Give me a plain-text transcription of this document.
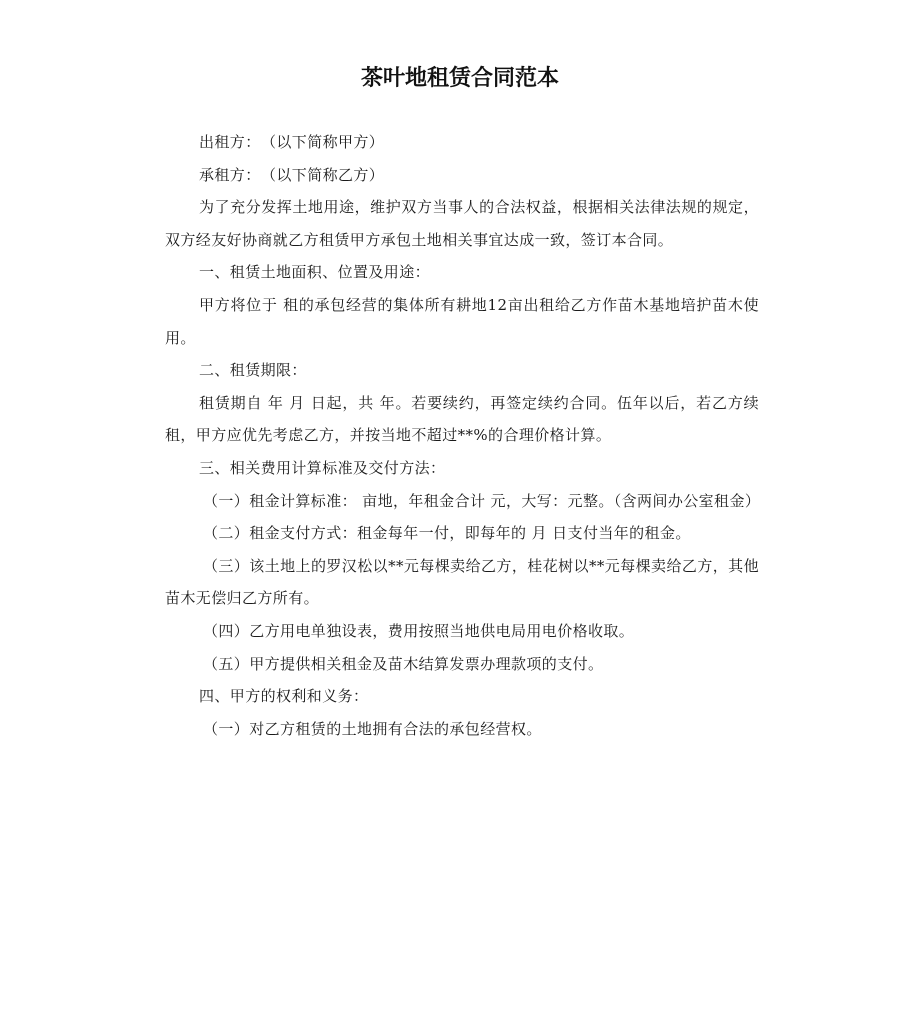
茶叶地租赁合同范本

出租方：　（以下简称甲方）

承租方：　（以下简称乙方）

为了充分发挥土地用途，维护双方当事人的合法权益，根据相关法律法规的规定，双方经友好协商就乙方租赁甲方承包土地相关事宜达成一致，签订本合同。

一、租赁土地面积、位置及用途：

甲方将位于 租的承包经营的集体所有耕地12亩出租给乙方作苗木基地培护苗木使用。

二、租赁期限：

租赁期自 年 月 日起，共 年。若要续约，再签定续约合同。伍年以后，若乙方续租，甲方应优先考虑乙方，并按当地不超过**%的合理价格计算。

三、相关费用计算标准及交付方法：

（一）租金计算标准： 亩地，年租金合计 元，大写：元整。（含两间办公室租金）

（二）租金支付方式：租金每年一付，即每年的 月 日支付当年的租金。

（三）该土地上的罗汉松以**元每棵卖给乙方，桂花树以**元每棵卖给乙方，其他苗木无偿归乙方所有。

（四）乙方用电单独设表，费用按照当地供电局用电价格收取。

（五）甲方提供相关租金及苗木结算发票办理款项的支付。

四、甲方的权利和义务：

（一）对乙方租赁的土地拥有合法的承包经营权。
